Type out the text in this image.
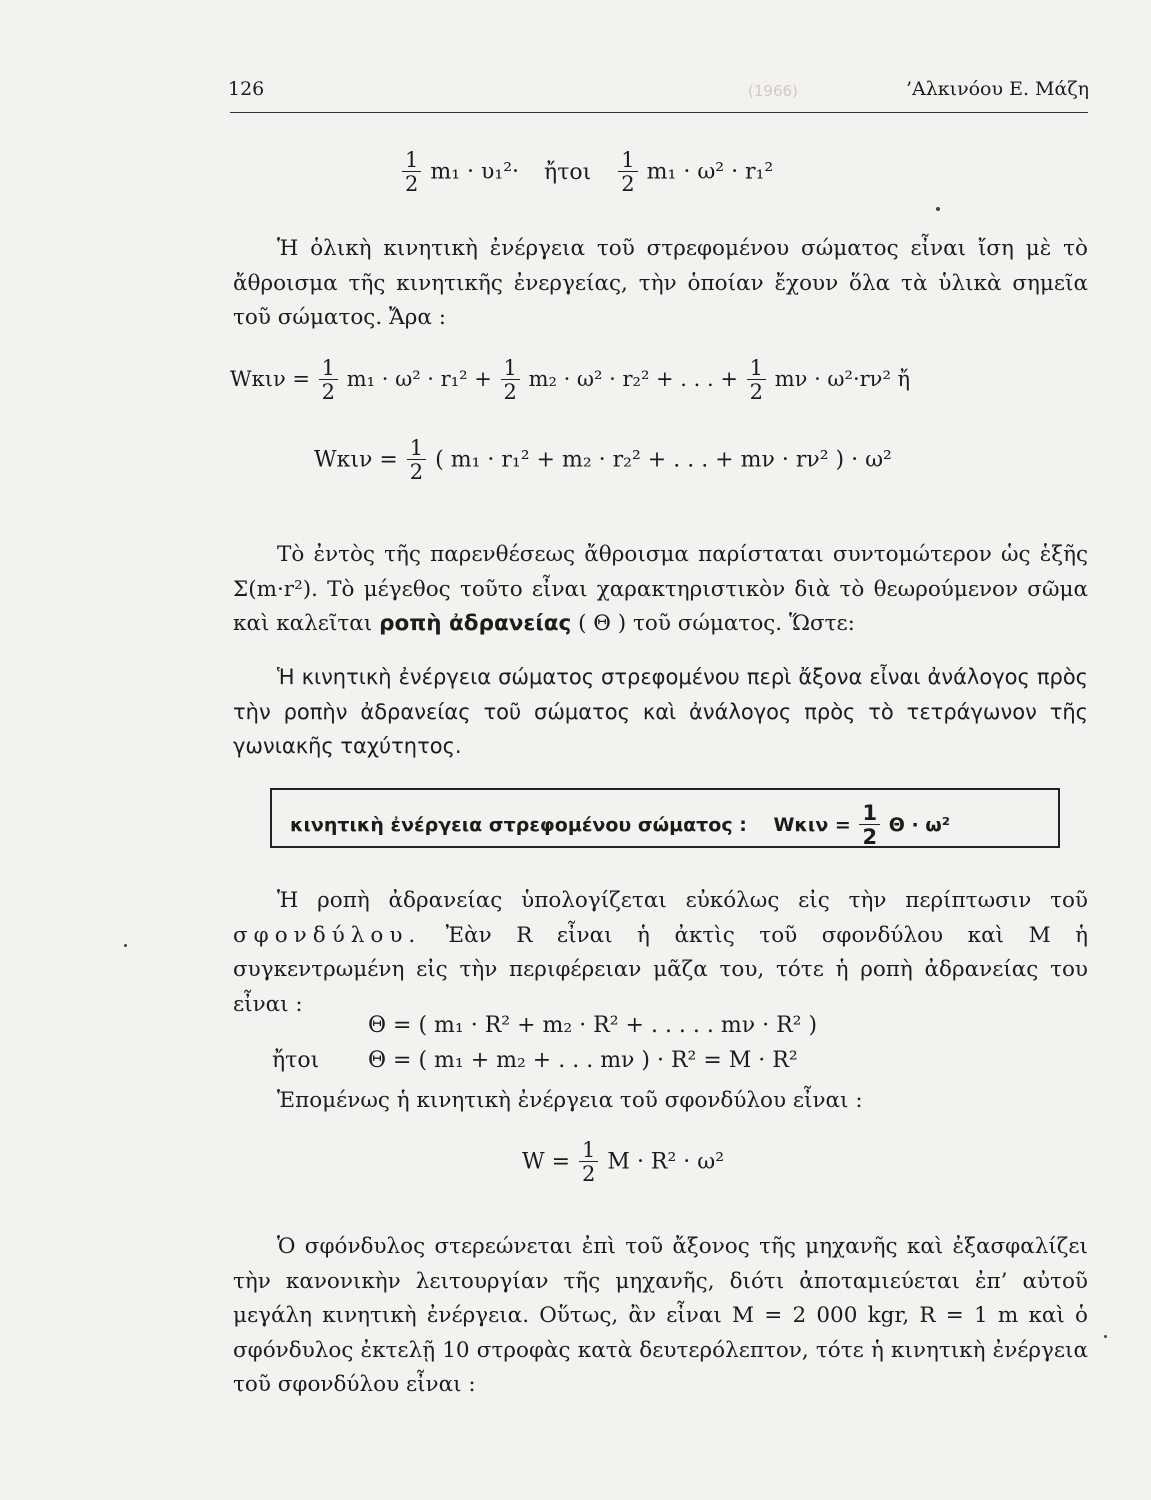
126	(1966)	’Αλκινόου Ε. Μάζη
$\frac{1}{2} m_1 \cdot \upsilon_1^2\cdot$ ἤτοι $\frac{1}{2} m_1 \cdot \omega^2 \cdot r_1^2$

Ἡ ὁλικὴ κινητικὴ ἐνέργεια τοῦ στρεφομένου σώματος εἶναι ἴση μὲ τὸ ἄθροισμα τῆς κινητικῆς ἐνεργείας, τὴν ὁποίαν ἔχουν ὅλα τὰ ὑλικὰ σημεῖα τοῦ σώματος. Ἄρα :

$W\kappa\iota\nu = \frac{1}{2} m_1 \cdot \omega^2 \cdot r_1^2 + \frac{1}{2} m_2 \cdot \omega^2 \cdot r_2^2$ + . . . + $\frac{1}{2}$ mν · ω²·rν² ἤ
$W\kappa\iota\nu = \frac{1}{2}$ ( m₁ · r₁² + m₂ · r₂² + . . . + mν · rν² ) · ω²

Τὸ ἐντὸς τῆς παρενθέσεως ἄθροισμα παρίσταται συντομώτερον ὡς ἑξῆς Σ(m·r²). Τὸ μέγεθος τοῦτο εἶναι χαρακτηριστικὸν διὰ τὸ θεωρούμενον σῶμα καὶ καλεῖται ροπὴ ἀδρανείας ( Θ ) τοῦ σώματος. Ὥστε:

Ἡ κινητικὴ ἐνέργεια σώματος στρεφομένου περὶ ἄξονα εἶναι ἀνάλογος πρὸς τὴν ροπὴν ἀδρανείας τοῦ σώματος καὶ ἀνάλογος πρὸς τὸ τετράγωνον τῆς γωνιακῆς ταχύτητος.

κινητικὴ ἐνέργεια στρεφομένου σώματος : $W\kappa\iota\nu = \frac{1}{2}$ Θ · ω²

Ἡ ροπὴ ἀδρανείας ὑπολογίζεται εὐκόλως εἰς τὴν περίπτωσιν τοῦ σφονδύλου. Ἐὰν R εἶναι ἡ ἀκτὶς τοῦ σφονδύλου καὶ M ἡ συγκεντρωμένη εἰς τὴν περιφέρειαν μᾶζα του, τότε ἡ ροπὴ ἀδρανείας του εἶναι :

Θ = ( m₁ · R² + m₂ · R² + . . . . . mν · R² )
ἤτοι Θ = ( m₁ + m₂ + . . . mν ) · R² = M · R²

Ἑπομένως ἡ κινητικὴ ἐνέργεια τοῦ σφονδύλου εἶναι :

$W = \frac{1}{2}$ M · R² · ω²

Ὁ σφόνδυλος στερεώνεται ἐπὶ τοῦ ἄξονος τῆς μηχανῆς καὶ ἐξασφαλίζει τὴν κανονικὴν λειτουργίαν τῆς μηχανῆς, διότι ἀποταμιεύεται ἐπ’ αὐτοῦ μεγάλη κινητικὴ ἐνέργεια. Οὕτως, ἂν εἶναι M = 2 000 kgr, R = 1 m καὶ ὁ σφόνδυλος ἐκτελῇ 10 στροφὰς κατὰ δευτερόλεπτον, τότε ἡ κινητικὴ ἐνέργεια τοῦ σφονδύλου εἶναι :
